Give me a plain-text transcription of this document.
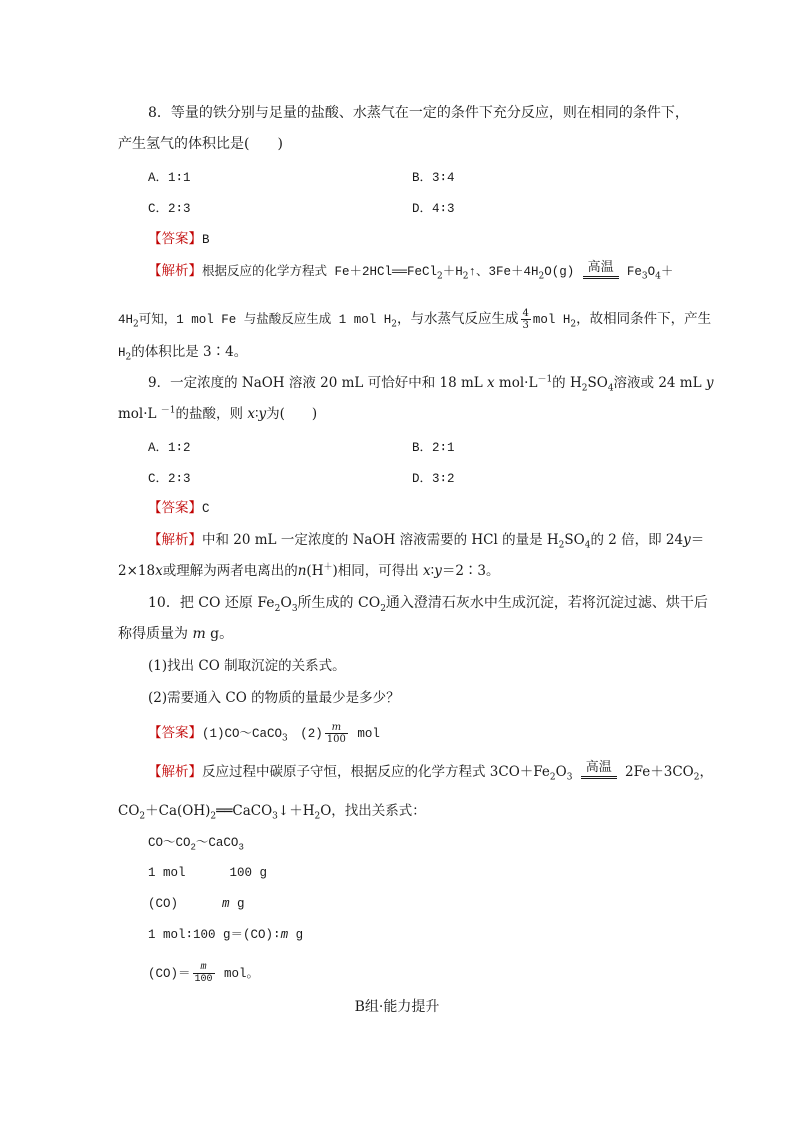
8．等量的铁分别与足量的盐酸、水蒸气在一定的条件下充分反应，则在相同的条件下，
产生氢气的体积比是(　　)
A．1∶1	B．3∶4
C．2∶3	D．4∶3
【答案】B
【解析】根据反应的化学方程式 $Fe+2HCl══FeCl_2+H_2↑$、$3Fe+4H_2O(g)$	高温	$Fe_3O_4+$
$4H_2$可知，1 mol Fe 与盐酸反应生成 1 mol $H_2$，与水蒸气反应生成 $\frac{4}{3}$ mol $H_2$，故相同条件下，产生
$H_2$的体积比是 3∶4。
9．一定浓度的 NaOH 溶液 20 mL 可恰好中和 18 mL x $mol\cdot L^{-1}$的 $H_2SO_4$溶液或 24 mL y
mol·L $^{-1}$的盐酸，则 x∶y为(　　)
A．1∶2	B．2∶1
C．2∶3	D．3∶2
【答案】C
【解析】中和 20 mL 一定浓度的 NaOH 溶液需要的 HCl 的量是 $H_2SO_4$的 2 倍，即 24y＝
2×18x或理解为两者电离出的n(H＋)相同，可得出 x∶y＝2∶3。
10．把 CO 还原 $Fe_2O_3$所生成的 $CO_2$通入澄清石灰水中生成沉淀，若将沉淀过滤、烘干后
称得质量为 m g。
(1)找出 CO 制取沉淀的关系式。
(2)需要通入 CO 的物质的量最少是多少？
【答案】(1)CO～CaCO$_3$　$(2) \frac{m}{100}$ mol
【解析】反应过程中碳原子守恒，根据反应的化学方程式 $3CO+Fe_2O_3$
高温 $2Fe+3CO_2$，
$CO_2+Ca(OH)_2══CaCO_3↓+H_2O$，找出关系式：
$CO\sim CO_2\sim CaCO_3$
1 mol	100 g
(CO)	m g
1 mol∶100 g＝(CO)∶m g
$(CO)= \frac{m}{100}$ mol。
B组·能力提升
